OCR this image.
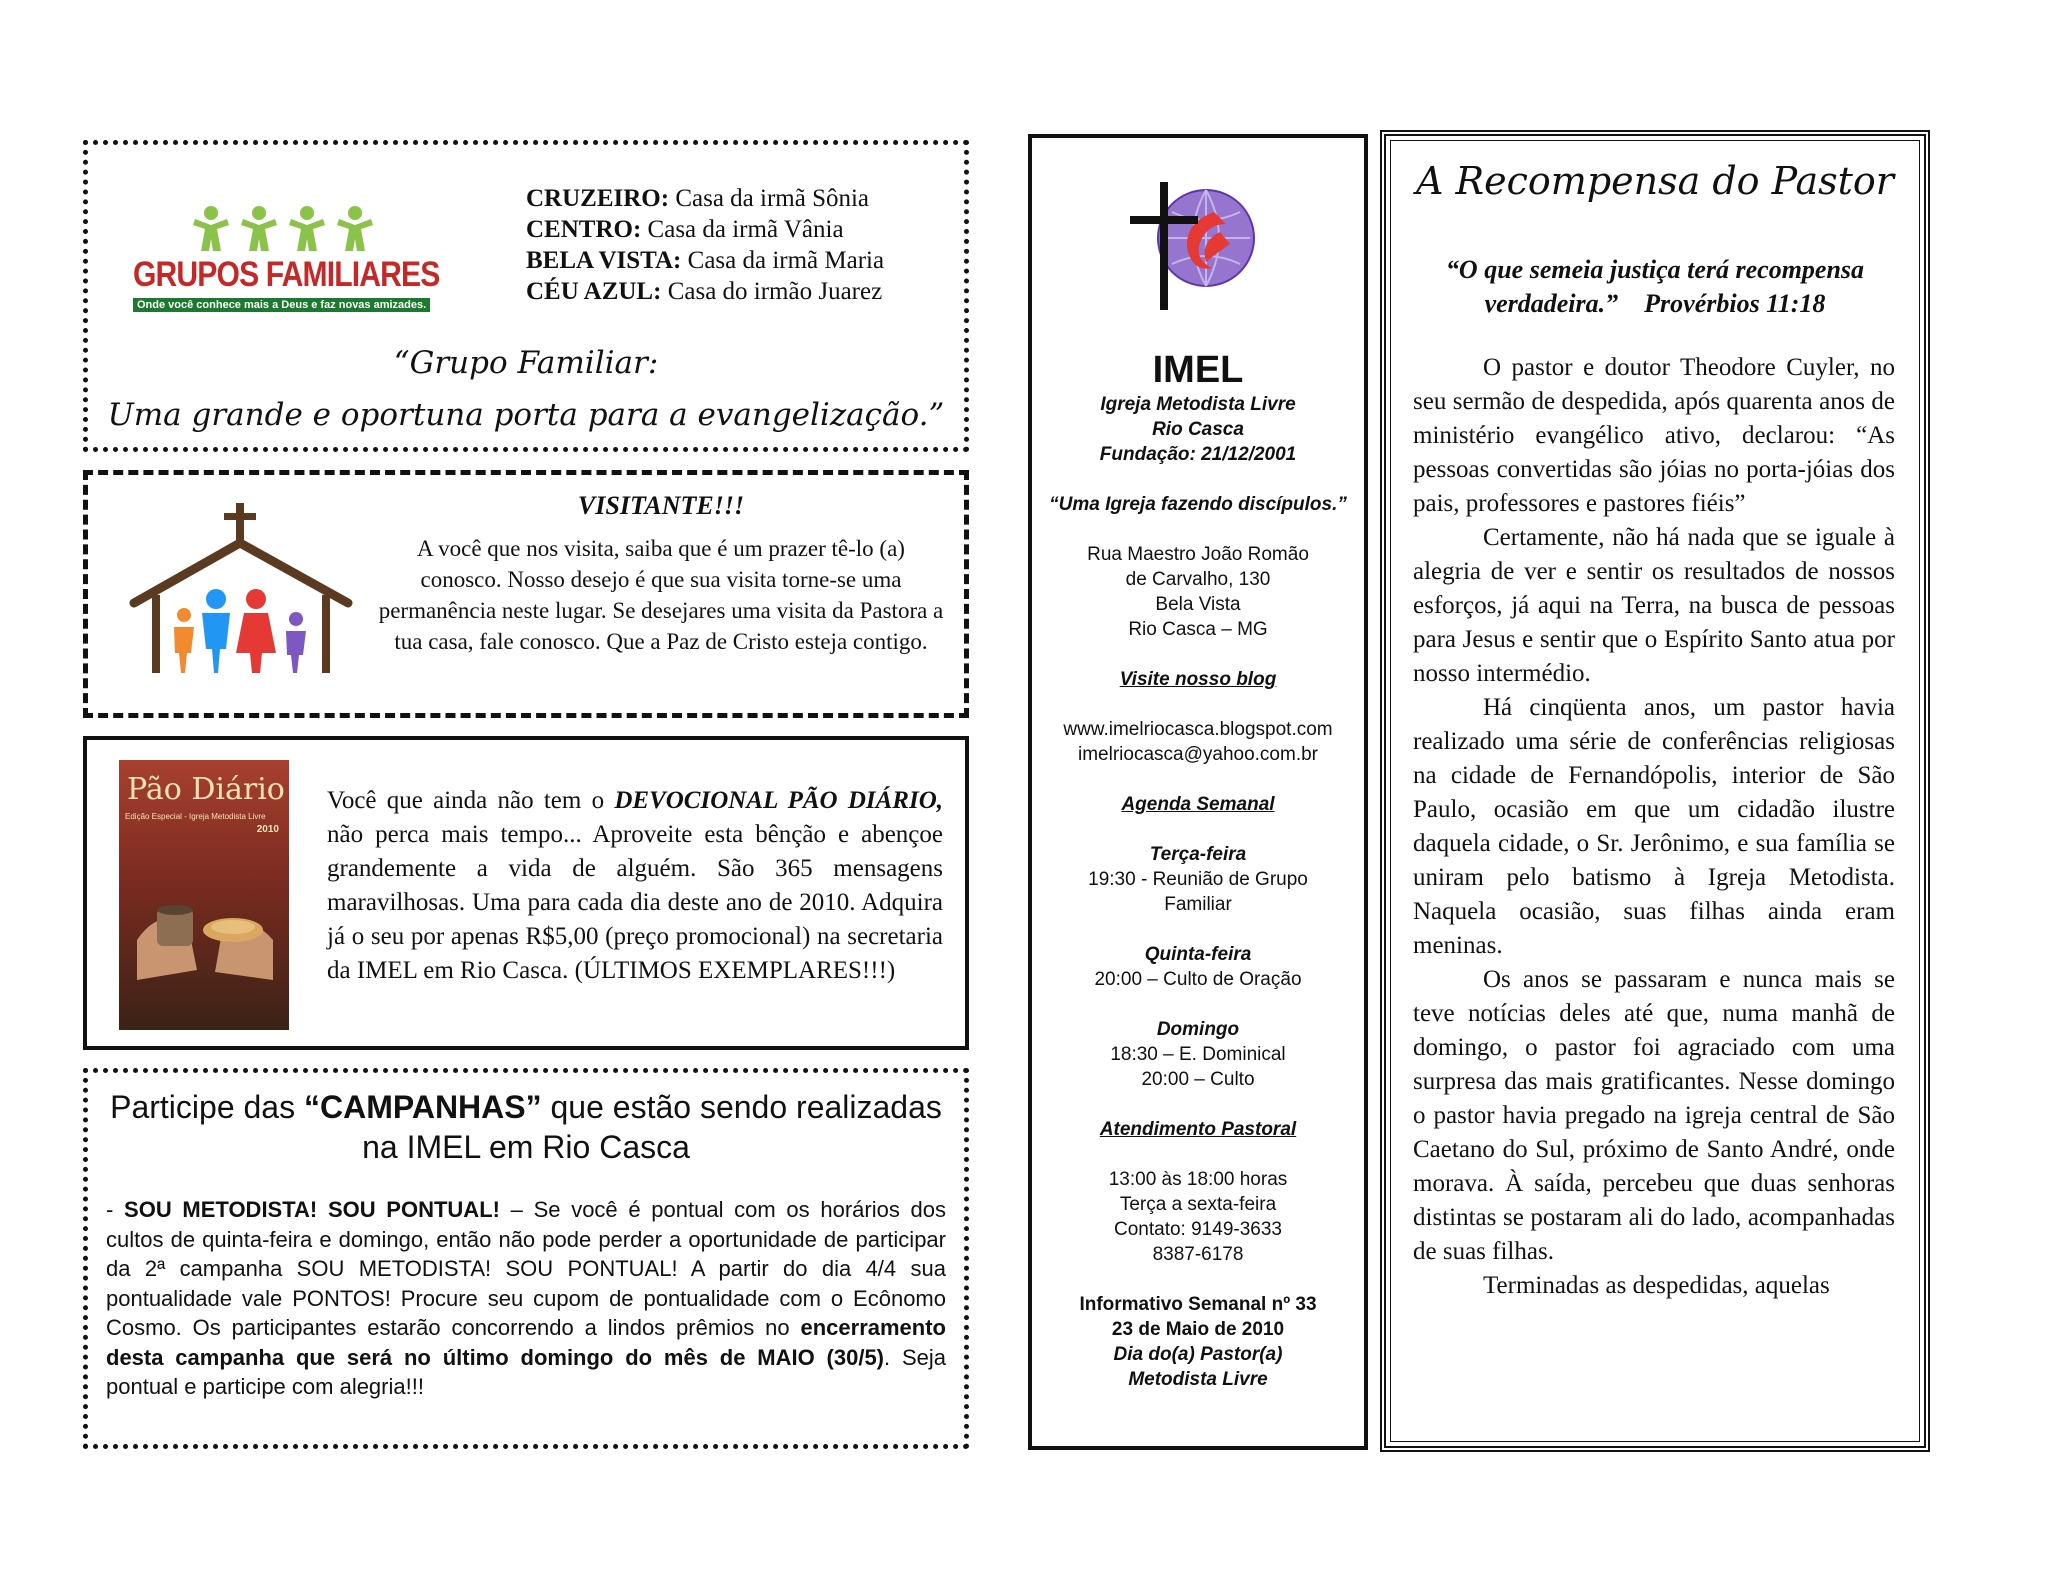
GRUPOS FAMILIARES
Onde você conhece mais a Deus e faz novas amizades.
CRUZEIRO: Casa da irmã Sônia
CENTRO: Casa da irmã Vânia
BELA VISTA: Casa da irmã Maria
CÉU AZUL: Casa do irmão Juarez
“Grupo Familiar:
Uma grande e oportuna porta para a evangelização.”
VISITANTE!!!
A você que nos visita, saiba que é um prazer tê-lo (a) conosco. Nosso desejo é que sua visita torne-se uma permanência neste lugar. Se desejares uma visita da Pastora a tua casa, fale conosco. Que a Paz de Cristo esteja contigo.
Pão Diário
Edição Especial - Igreja Metodista Livre
2010
Você que ainda não tem o DEVOCIONAL PÃO DIÁRIO, não perca mais tempo... Aproveite esta bênção e abençoe grandemente a vida de alguém. São 365 mensagens maravilhosas. Uma para cada dia deste ano de 2010. Adquira já o seu por apenas R$5,00 (preço promocional) na secretaria da IMEL em Rio Casca. (ÚLTIMOS EXEMPLARES!!!)
Participe das “CAMPANHAS” que estão sendo realizadas na IMEL em Rio Casca
- SOU METODISTA! SOU PONTUAL! – Se você é pontual com os horários dos cultos de quinta-feira e domingo, então não pode perder a oportunidade de participar da 2ª campanha SOU METODISTA! SOU PONTUAL! A partir do dia 4/4 sua pontualidade vale PONTOS! Procure seu cupom de pontualidade com o Ecônomo Cosmo. Os participantes estarão concorrendo a lindos prêmios no encerramento desta campanha que será no último domingo do mês de MAIO (30/5). Seja pontual e participe com alegria!!!
IMEL
Igreja Metodista Livre
Rio Casca
Fundação: 21/12/2001
“Uma Igreja fazendo discípulos.”
Rua Maestro João Romão
de Carvalho, 130
Bela Vista
Rio Casca – MG
Visite nosso blog
www.imelriocasca.blogspot.com
imelriocasca@yahoo.com.br
Agenda Semanal
Terça-feira
19:30 - Reunião de Grupo Familiar
Quinta-feira
20:00 – Culto de Oração
Domingo
18:30 – E. Dominical
20:00 – Culto
Atendimento Pastoral
13:00 às 18:00 horas
Terça a sexta-feira
Contato: 9149-3633
8387-6178
Informativo Semanal nº 33
23 de Maio de 2010
Dia do(a) Pastor(a)
Metodista Livre
A Recompensa do Pastor
“O que semeia justiça terá recompensa verdadeira.” Provérbios 11:18

O pastor e doutor Theodore Cuyler, no seu sermão de despedida, após quarenta anos de ministério evangélico ativo, declarou: “As pessoas convertidas são jóias no porta-jóias dos pais, professores e pastores fiéis”

Certamente, não há nada que se iguale à alegria de ver e sentir os resultados de nossos esforços, já aqui na Terra, na busca de pessoas para Jesus e sentir que o Espírito Santo atua por nosso intermédio.

Há cinqüenta anos, um pastor havia realizado uma série de conferências religiosas na cidade de Fernandópolis, interior de São Paulo, ocasião em que um cidadão ilustre daquela cidade, o Sr. Jerônimo, e sua família se uniram pelo batismo à Igreja Metodista. Naquela ocasião, suas filhas ainda eram meninas.

Os anos se passaram e nunca mais se teve notícias deles até que, numa manhã de domingo, o pastor foi agraciado com uma surpresa das mais gratificantes. Nesse domingo o pastor havia pregado na igreja central de São Caetano do Sul, próximo de Santo André, onde morava. À saída, percebeu que duas senhoras distintas se postaram ali do lado, acompanhadas de suas filhas.

Terminadas as despedidas, aquelas
